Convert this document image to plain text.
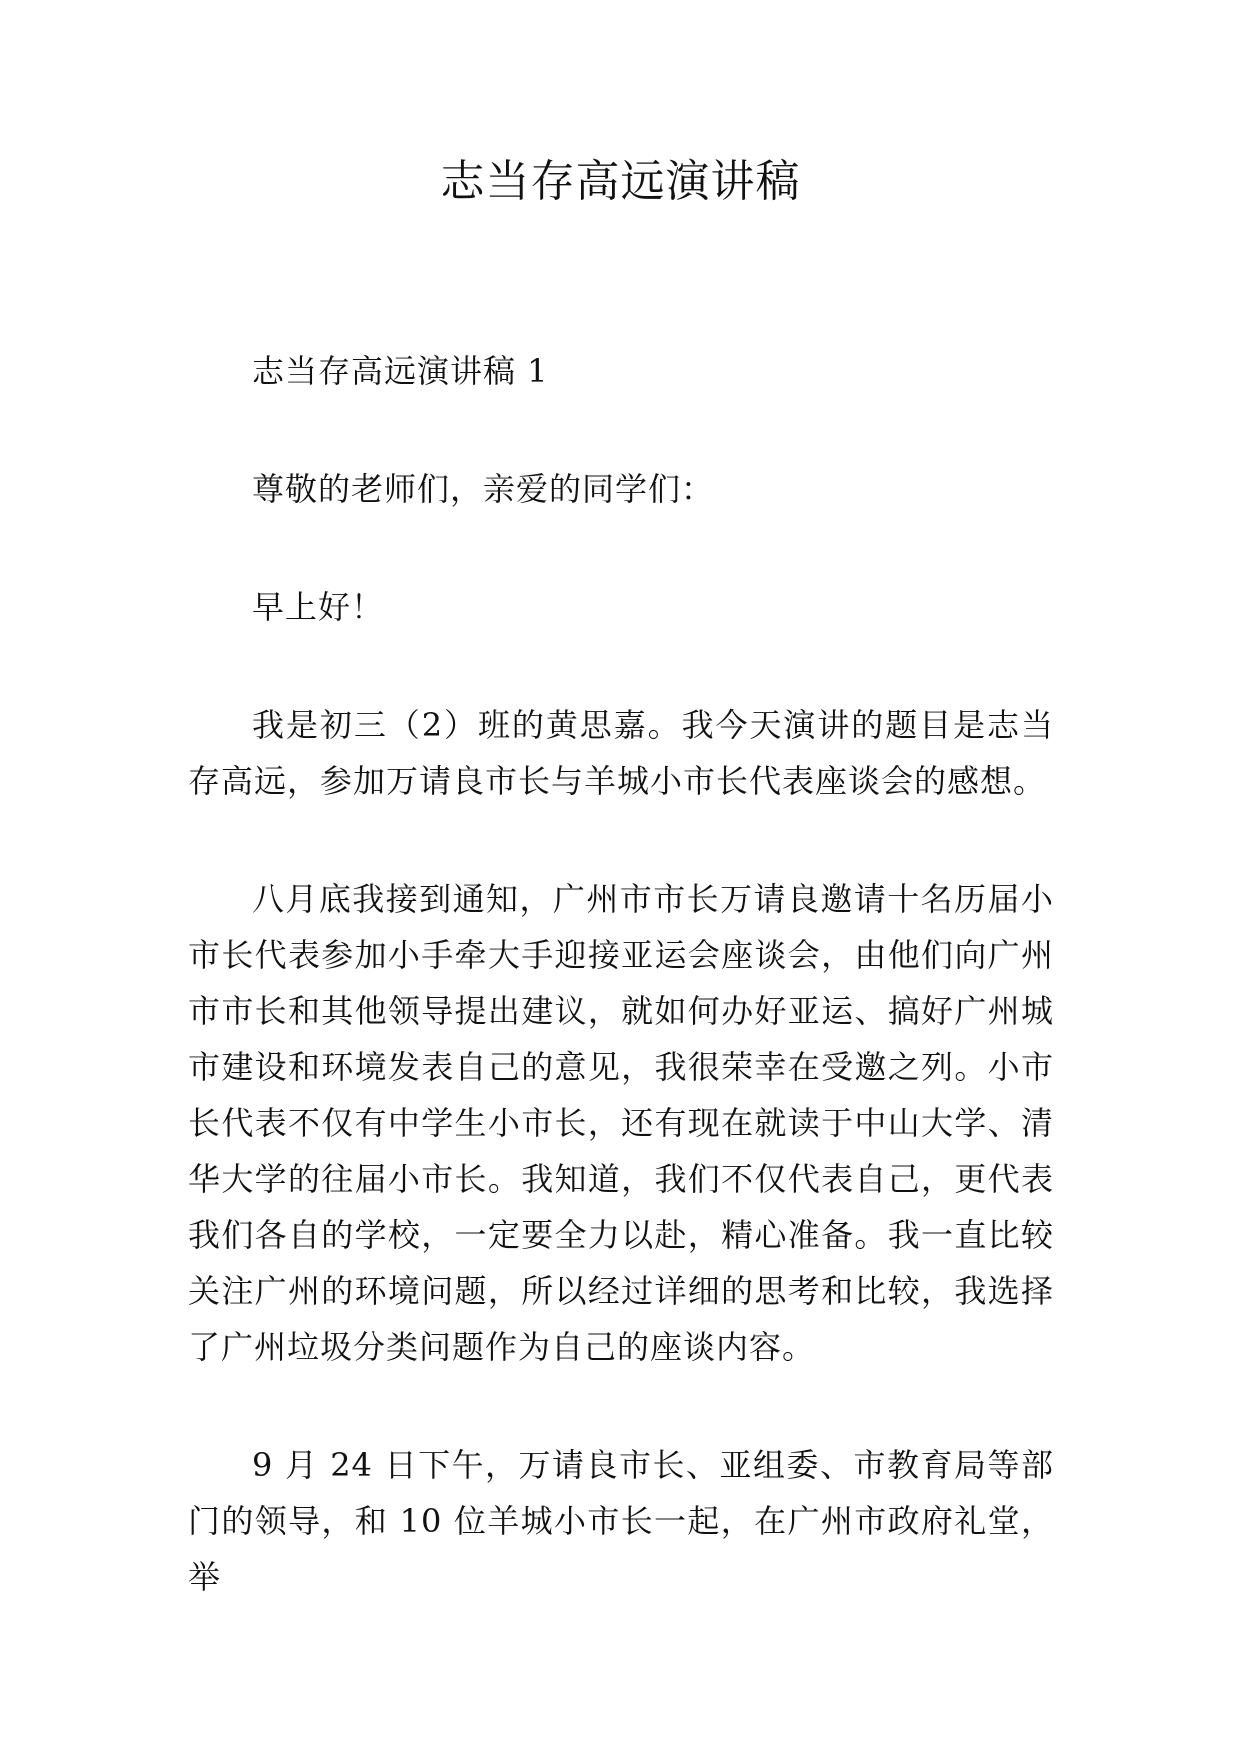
志当存高远演讲稿

志当存高远演讲稿 1

尊敬的老师们，亲爱的同学们：

早上好！

我是初三（2）班的黄思嘉。我今天演讲的题目是志当存高远，参加万请良市长与羊城小市长代表座谈会的感想。

八月底我接到通知，广州市市长万请良邀请十名历届小市长代表参加小手牵大手迎接亚运会座谈会，由他们向广州市市长和其他领导提出建议，就如何办好亚运、搞好广州城市建设和环境发表自己的意见，我很荣幸在受邀之列。小市长代表不仅有中学生小市长，还有现在就读于中山大学、清华大学的往届小市长。我知道，我们不仅代表自己，更代表我们各自的学校，一定要全力以赴，精心准备。我一直比较关注广州的环境问题，所以经过详细的思考和比较，我选择了广州垃圾分类问题作为自己的座谈内容。

9 月 24 日下午，万请良市长、亚组委、市教育局等部门的领导，和 10 位羊城小市长一起，在广州市政府礼堂，举
